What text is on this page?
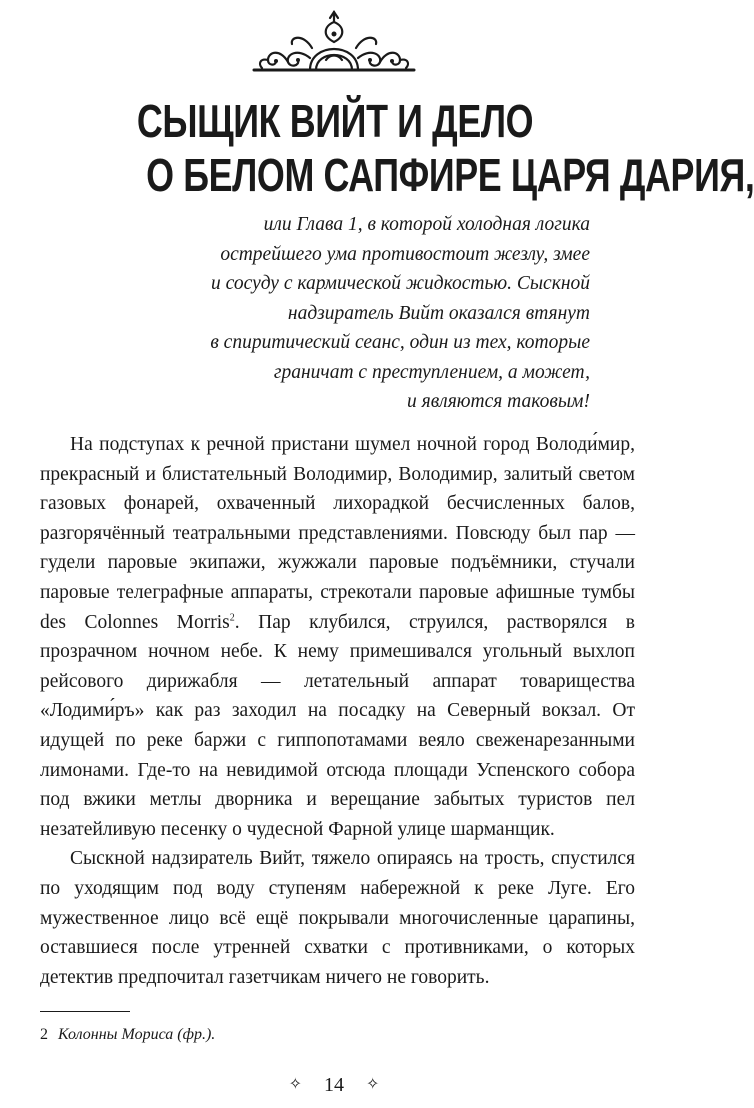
СЫЩИК ВИЙТ И ДЕЛО
О БЕЛОМ САПФИРЕ ЦАРЯ ДАРИЯ,
или Глава 1, в которой холодная логика
острейшего ума противостоит жезлу, змее
и сосуду с кармической жидкостью. Сыскной
надзиратель Вийт оказался втянут
в спиритический сеанс, один из тех, которые
граничат с преступлением, а может,
и являются таковым!

На подступах к речной пристани шумел ночной город Володи́мир, прекрасный и блистательный Володимир, Володимир, залитый светом газовых фонарей, охваченный лихорадкой бесчисленных балов, разгорячённый театральными представлениями. Повсюду был пар — гудели паровые экипажи, жужжали паровые подъёмники, стучали паровые телеграфные аппараты, стрекотали паровые афишные тумбы des Colonnes Morris$^2$. Пар клубился, струился, растворялся в прозрачном ночном небе. К нему примешивался угольный выхлоп рейсового дирижабля — летательный аппарат товарищества «Лодими́ръ» как раз заходил на посадку на Северный вокзал. От идущей по реке баржи с гиппопотамами веяло свеженарезанными лимонами. Где-то на невидимой отсюда площади Успенского собора под вжики метлы дворника и верещание забытых туристов пел незатейливую песенку о чудесной Фарной улице шарманщик.

Сыскной надзиратель Вийт, тяжело опираясь на трость, спустился по уходящим под воду ступеням набережной к реке Луге. Его мужественное лицо всё ещё покрывали многочисленные царапины, оставшиеся после утренней схватки с противниками, о которых детектив предпочитал газетчикам ничего не говорить.

2 Колонны Мориса (фр.).
✧ 14 ✧
